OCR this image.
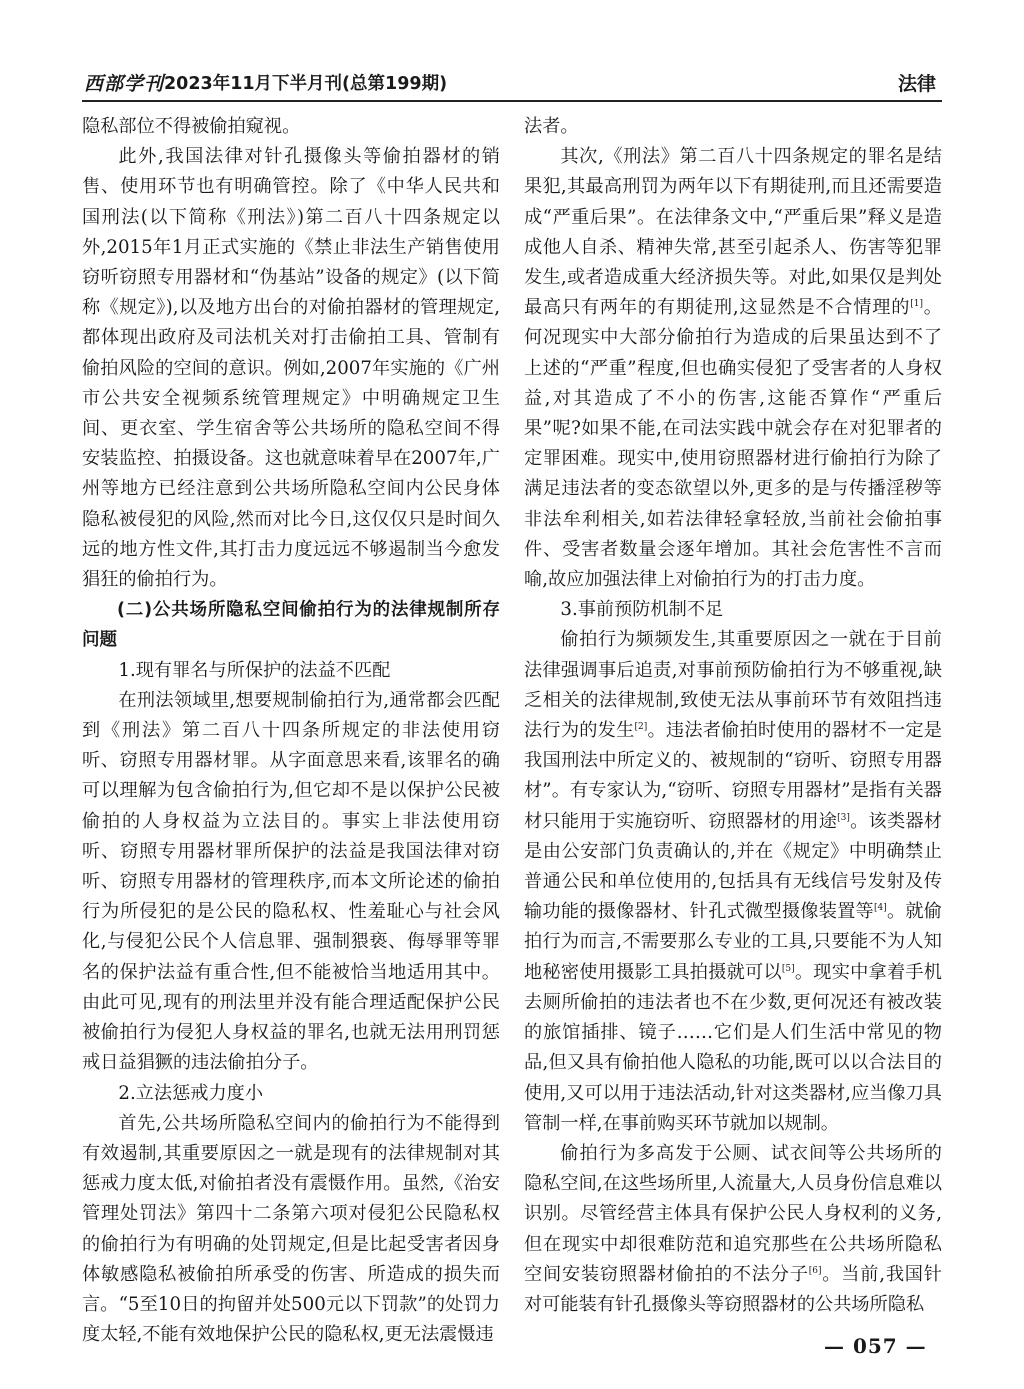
西部学刊 2023年11月下半月刊(总第199期)	法律

隐私部位不得被偷拍窥视。

此外,我国法律对针孔摄像头等偷拍器材的销售、使用环节也有明确管控。除了《中华人民共和国刑法(以下简称《刑法》)第二百八十四条规定以外,2015年1月正式实施的《禁止非法生产销售使用窃听窃照专用器材和“伪基站”设备的规定》(以下简称《规定》),以及地方出台的对偷拍器材的管理规定,都体现出政府及司法机关对打击偷拍工具、管制有偷拍风险的空间的意识。例如,2007年实施的《广州市公共安全视频系统管理规定》中明确规定卫生间、更衣室、学生宿舍等公共场所的隐私空间不得安装监控、拍摄设备。这也就意味着早在2007年,广州等地方已经注意到公共场所隐私空间内公民身体隐私被侵犯的风险,然而对比今日,这仅仅只是时间久远的地方性文件,其打击力度远远不够遏制当今愈发猖狂的偷拍行为。

(二)公共场所隐私空间偷拍行为的法律规制所存问题

1.现有罪名与所保护的法益不匹配

在刑法领域里,想要规制偷拍行为,通常都会匹配到《刑法》第二百八十四条所规定的非法使用窃听、窃照专用器材罪。从字面意思来看,该罪名的确可以理解为包含偷拍行为,但它却不是以保护公民被偷拍的人身权益为立法目的。事实上非法使用窃听、窃照专用器材罪所保护的法益是我国法律对窃听、窃照专用器材的管理秩序,而本文所论述的偷拍行为所侵犯的是公民的隐私权、性羞耻心与社会风化,与侵犯公民个人信息罪、强制猥亵、侮辱罪等罪名的保护法益有重合性,但不能被恰当地适用其中。由此可见,现有的刑法里并没有能合理适配保护公民被偷拍行为侵犯人身权益的罪名,也就无法用刑罚惩戒日益猖獗的违法偷拍分子。

2.立法惩戒力度小

首先,公共场所隐私空间内的偷拍行为不能得到有效遏制,其重要原因之一就是现有的法律规制对其惩戒力度太低,对偷拍者没有震慑作用。虽然,《治安管理处罚法》第四十二条第六项对侵犯公民隐私权的偷拍行为有明确的处罚规定,但是比起受害者因身体敏感隐私被偷拍所承受的伤害、所造成的损失而言。“5至10日的拘留并处500元以下罚款”的处罚力度太轻,不能有效地保护公民的隐私权,更无法震慑违

法者。

其次,《刑法》第二百八十四条规定的罪名是结果犯,其最高刑罚为两年以下有期徒刑,而且还需要造成“严重后果”。在法律条文中,“严重后果”释义是造成他人自杀、精神失常,甚至引起杀人、伤害等犯罪发生,或者造成重大经济损失等。对此,如果仅是判处最高只有两年的有期徒刑,这显然是不合情理的[1]。何况现实中大部分偷拍行为造成的后果虽达到不了上述的“严重”程度,但也确实侵犯了受害者的人身权益,对其造成了不小的伤害,这能否算作“严重后果”呢?如果不能,在司法实践中就会存在对犯罪者的定罪困难。现实中,使用窃照器材进行偷拍行为除了满足违法者的变态欲望以外,更多的是与传播淫秽等非法牟利相关,如若法律轻拿轻放,当前社会偷拍事件、受害者数量会逐年增加。其社会危害性不言而喻,故应加强法律上对偷拍行为的打击力度。

3.事前预防机制不足

偷拍行为频频发生,其重要原因之一就在于目前法律强调事后追责,对事前预防偷拍行为不够重视,缺乏相关的法律规制,致使无法从事前环节有效阻挡违法行为的发生[2]。违法者偷拍时使用的器材不一定是我国刑法中所定义的、被规制的“窃听、窃照专用器材”。有专家认为,“窃听、窃照专用器材”是指有关器材只能用于实施窃听、窃照器材的用途[3]。该类器材是由公安部门负责确认的,并在《规定》中明确禁止普通公民和单位使用的,包括具有无线信号发射及传输功能的摄像器材、针孔式微型摄像装置等[4]。就偷拍行为而言,不需要那么专业的工具,只要能不为人知地秘密使用摄影工具拍摄就可以[5]。现实中拿着手机去厕所偷拍的违法者也不在少数,更何况还有被改装的旅馆插排、镜子……它们是人们生活中常见的物品,但又具有偷拍他人隐私的功能,既可以以合法目的使用,又可以用于违法活动,针对这类器材,应当像刀具管制一样,在事前购买环节就加以规制。

偷拍行为多高发于公厕、试衣间等公共场所的隐私空间,在这些场所里,人流量大,人员身份信息难以识别。尽管经营主体具有保护公民人身权利的义务,但在现实中却很难防范和追究那些在公共场所隐私空间安装窃照器材偷拍的不法分子[6]。当前,我国针对可能装有针孔摄像头等窃照器材的公共场所隐私

— 057 —
